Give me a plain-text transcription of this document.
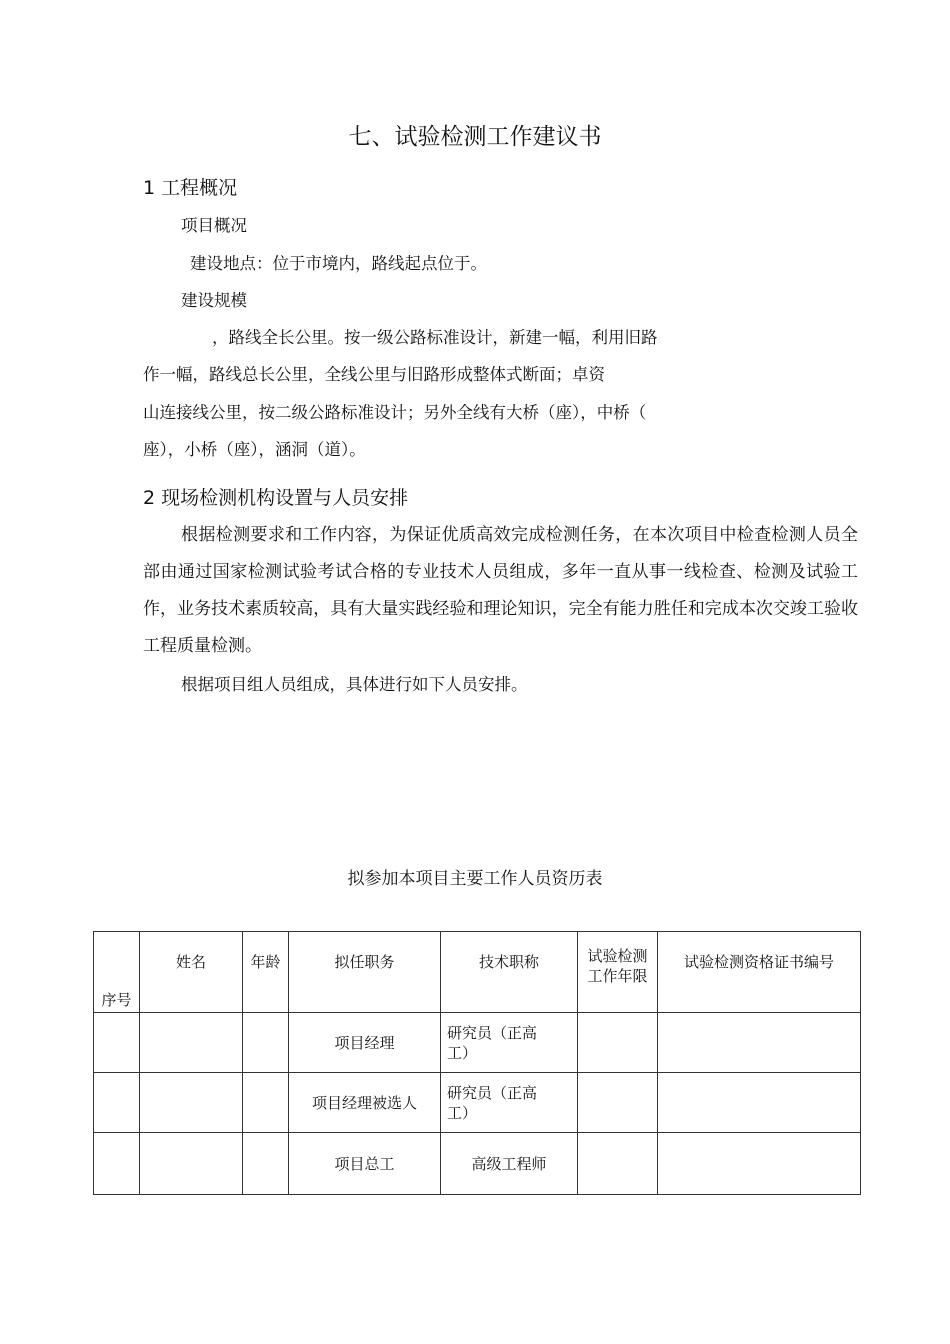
七、试验检测工作建议书
1 工程概况
项目概况
建设地点：位于市境内，路线起点位于。
建设规模
，路线全长公里。按一级公路标准设计，新建一幅，利用旧路
作一幅，路线总长公里，全线公里与旧路形成整体式断面；卓资
山连接线公里，按二级公路标准设计；另外全线有大桥（座），中桥（
座），小桥（座），涵洞（道）。
2 现场检测机构设置与人员安排
根据检测要求和工作内容，为保证优质高效完成检测任务，在本次项目中检查检测人员全部由通过国家检测试验考试合格的专业技术人员组成，多年一直从事一线检查、检测及试验工作，业务技术素质较高，具有大量实践经验和理论知识，完全有能力胜任和完成本次交竣工验收工程质量检测。
根据项目组人员组成，具体进行如下人员安排。
拟参加本项目主要工作人员资历表
序号	姓名	年龄	拟任职务	技术职称	试验检测工作年限	试验检测资格证书编号
			项目经理	研究员（正高工）		
			项目经理被选人	研究员（正高工）		
			项目总工	高级工程师		
